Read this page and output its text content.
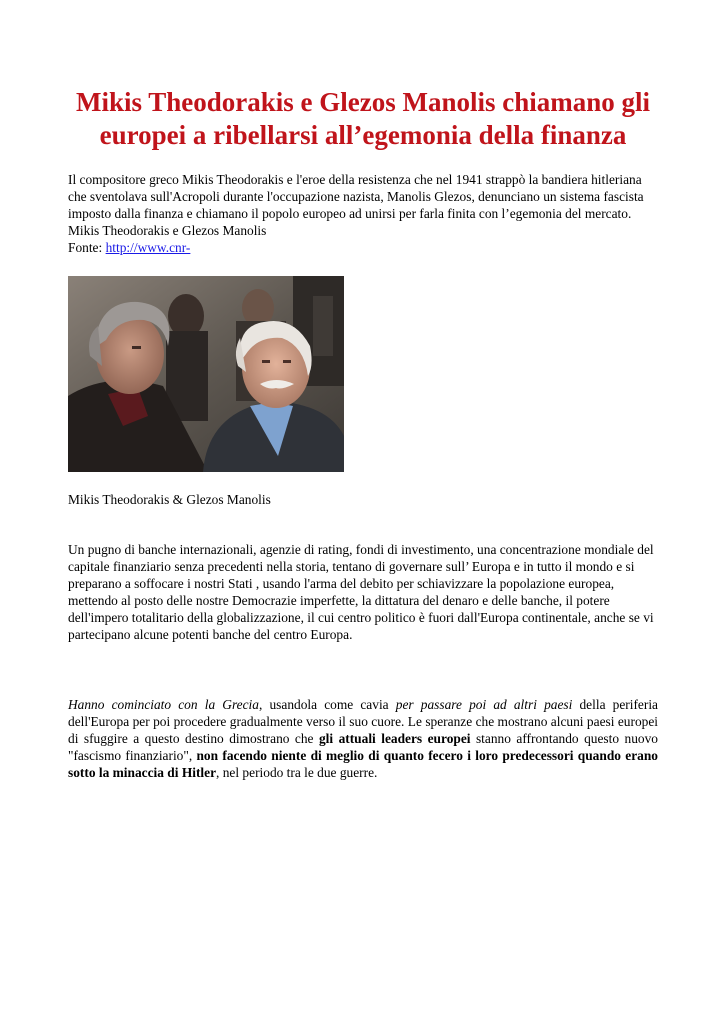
Mikis Theodorakis e Glezos Manolis chiamano gli europei a ribellarsi all’egemonia della finanza

Il compositore greco Mikis Theodorakis e l'eroe della resistenza che nel 1941 strappò la bandiera hitleriana che sventolava sull'Acropoli durante l'occupazione nazista, Manolis Glezos, denunciano un sistema fascista imposto dalla finanza e chiamano il popolo europeo ad unirsi per farla finita con l’egemonia del mercato.

Mikis Theodorakis e Glezos Manolis

Fonte: http://www.cnr-

Mikis Theodorakis & Glezos Manolis
Un pugno di banche internazionali, agenzie di rating, fondi di investimento, una concentrazione mondiale del capitale finanziario senza precedenti nella storia, tentano di governare sull’ Europa e in tutto il mondo e si preparano a soffocare i nostri Stati , usando l'arma del debito per schiavizzare la popolazione europea, mettendo al posto delle nostre Democrazie imperfette, la dittatura del denaro e delle banche, il potere dell'impero totalitario della globalizzazione, il cui centro politico è fuori dall'Europa continentale, anche se vi partecipano alcune potenti banche del centro Europa.
Hanno cominciato con la Grecia, usandola come cavia per passare poi ad altri paesi della periferia dell'Europa per poi procedere gradualmente verso il suo cuore. Le speranze che mostrano alcuni paesi europei di sfuggire a questo destino dimostrano che gli attuali leaders europei stanno affrontando questo nuovo "fascismo finanziario", non facendo niente di meglio di quanto fecero i loro predecessori quando erano sotto la minaccia di Hitler, nel periodo tra le due guerre.
